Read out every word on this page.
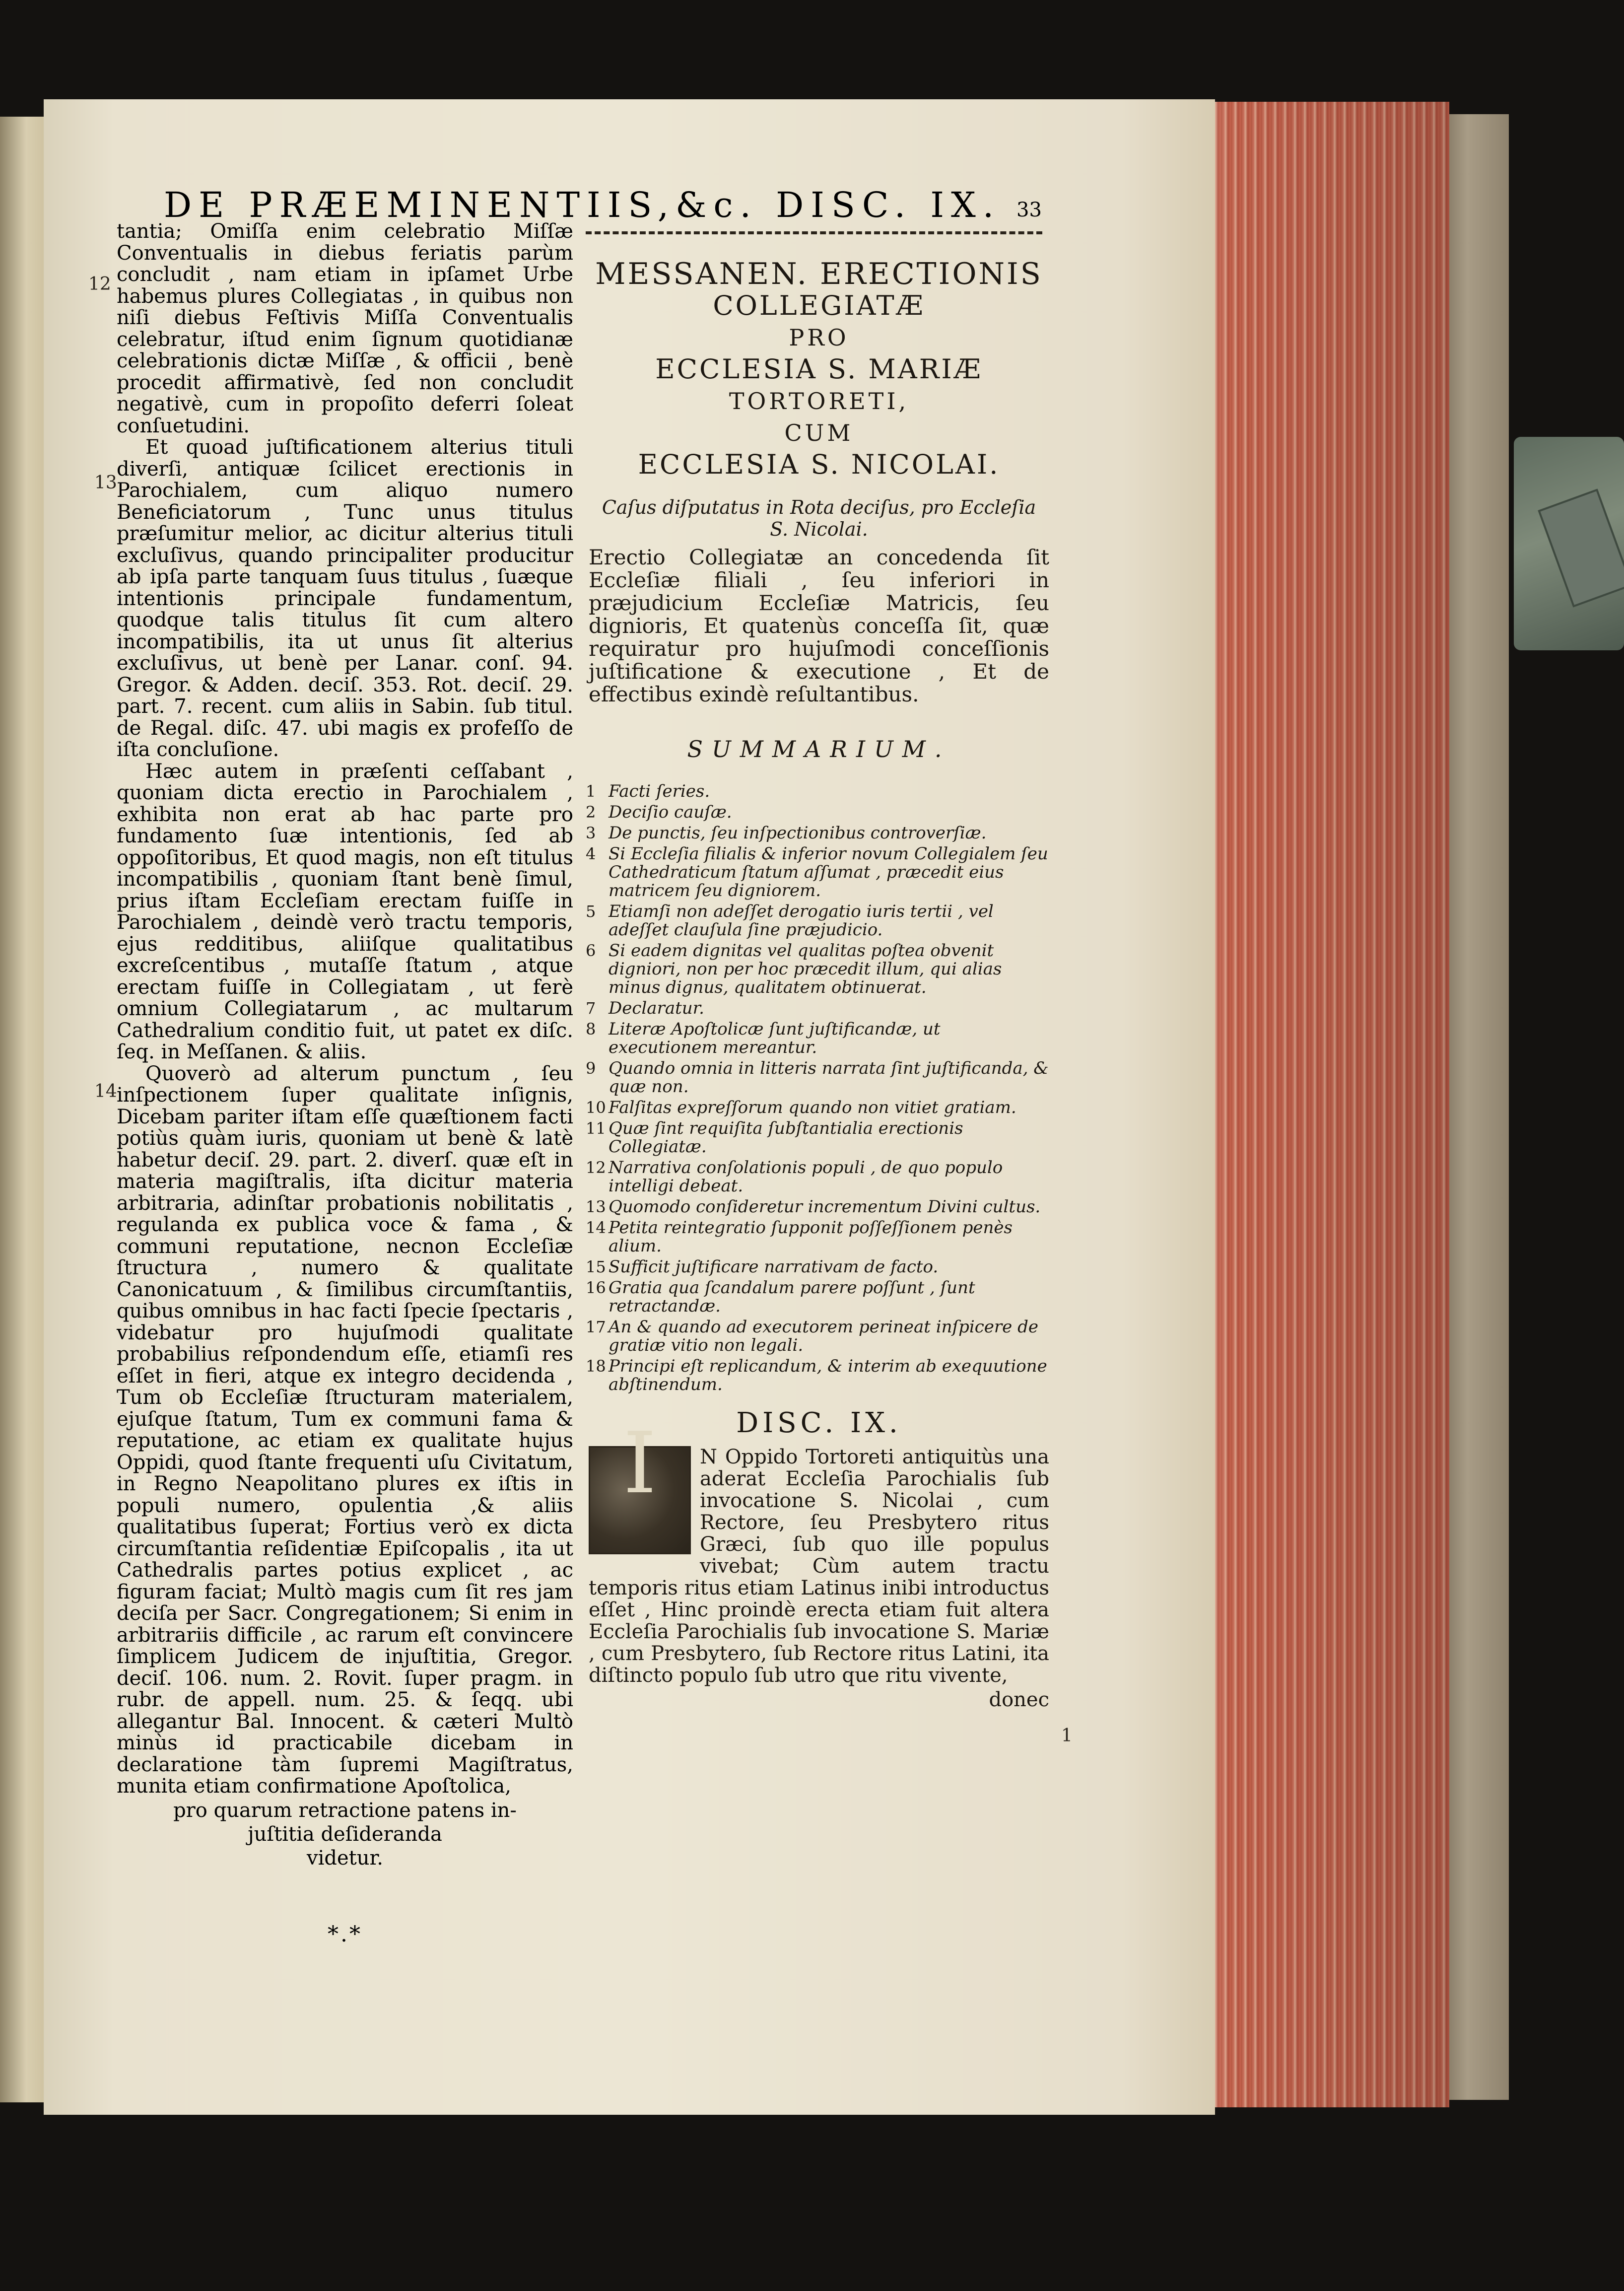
DE PRÆEMINENTIIS,&c. DISC. IX. 33
12
13
14

tantia; Omiſſa enim celebratio Miſſæ Conventualis in diebus feriatis parùm concludit , nam etiam in ipſamet Urbe habemus plures Collegiatas , in quibus non niſi diebus Feſtivis Miſſa Conventualis celebratur, iſtud enim ſignum quotidianæ celebrationis dictæ Miſſæ , & officii , benè procedit affirmativè, ſed non concludit negativè, cum in propoſito deferri ſoleat conſuetudini.

Et quoad juſtificationem alterius tituli diverſi, antiquæ ſcilicet erectionis in Parochialem, cum aliquo numero Beneficiatorum , Tunc unus titulus præſumitur melior, ac dicitur alterius tituli excluſivus, quando principaliter producitur ab ipſa parte tanquam ſuus titulus , ſuæque intentionis principale fundamentum, quodque talis titulus ſit cum altero incompatibilis, ita ut unus ſit alterius excluſivus, ut benè per Lanar. conſ. 94. Gregor. & Adden. deciſ. 353. Rot. deciſ. 29. part. 7. recent. cum aliis in Sabin. ſub titul. de Regal. diſc. 47. ubi magis ex profeſſo de iſta concluſione.

Hæc autem in præſenti ceſſabant , quoniam dicta erectio in Parochialem , exhibita non erat ab hac parte pro fundamento ſuæ intentionis, ſed ab oppoſitoribus, Et quod magis, non eſt titulus incompatibilis , quoniam ſtant benè ſimul, prius iſtam Eccleſiam erectam fuiſſe in Parochialem , deindè verò tractu temporis, ejus redditibus, aliiſque qualitatibus excreſcentibus , mutaſſe ſtatum , atque erectam fuiſſe in Collegiatam , ut ferè omnium Collegiatarum , ac multarum Cathedralium conditio fuit, ut patet ex diſc. ſeq. in Meſſanen. & aliis.

Quoverò ad alterum punctum , ſeu inſpectionem ſuper qualitate inſignis, Dicebam pariter iſtam eſſe quæſtionem facti potiùs quàm iuris, quoniam ut benè & latè habetur deciſ. 29. part. 2. diverſ. quæ eſt in materia magiſtralis, iſta dicitur materia arbitraria, adinſtar probationis nobilitatis , regulanda ex publica voce & fama , & communi reputatione, necnon Eccleſiæ ſtructura , numero & qualitate Canonicatuum , & ſimilibus circumſtantiis, quibus omnibus in hac facti ſpecie ſpectaris , videbatur pro hujuſmodi qualitate probabilius reſpondendum eſſe, etiamſi res eſſet in fieri, atque ex integro decidenda , Tum ob Eccleſiæ ſtructuram materialem, ejuſque ſtatum, Tum ex communi fama & reputatione, ac etiam ex qualitate hujus Oppidi, quod ſtante frequenti uſu Civitatum, in Regno Neapolitano plures ex iſtis in populi numero, opulentia ,& aliis qualitatibus ſuperat; Fortius verò ex dicta circumſtantia reſidentiæ Epiſcopalis , ita ut Cathedralis partes potius explicet , ac figuram faciat; Multò magis cum ſit res jam deciſa per Sacr. Congregationem; Si enim in arbitrariis difficile , ac rarum eſt convincere ſimplicem Judicem de injuſtitia, Gregor. deciſ. 106. num. 2. Rovit. ſuper pragm. in rubr. de appell. num. 25. & ſeqq. ubi allegantur Bal. Innocent. & cæteri Multò minùs id practicabile dicebam in declaratione tàm ſupremi Magiſtratus, munita etiam confirmatione Apoſtolica,

pro quarum retractione patens in-

juſtitia deſideranda

videtur.

*.*

MESSANEN. ERECTIONIS
COLLEGIATÆ
PRO
ECCLESIA S. MARIÆ
TORTORETI,
CUM
ECCLESIA S. NICOLAI.
Caſus diſputatus in Rota deciſus, pro Eccleſia S. Nicolai.
Erectio Collegiatæ an concedenda ſit Eccleſiæ filiali , ſeu inferiori in præjudicium Eccleſiæ Matricis, ſeu dignioris, Et quatenùs conceſſa ſit, quæ requiratur pro hujuſmodi conceſſionis juſtificatione & executione , Et de effectibus exindè reſultantibus.
SUMMARIUM.
1 Facti ſeries.
2 Deciſio cauſæ.
3 De punctis, ſeu inſpectionibus controverſiæ.
4 Si Eccleſia filialis & inferior novum Collegialem ſeu Cathedraticum ſtatum aſſumat , præcedit eius matricem ſeu digniorem.
5 Etiamſi non adeſſet derogatio iuris tertii , vel adeſſet clauſula ſine præjudicio.
6 Si eadem dignitas vel qualitas poſtea obvenit digniori, non per hoc præcedit illum, qui alias minus dignus, qualitatem obtinuerat.
7 Declaratur.
8 Literæ Apoſtolicæ ſunt juſtificandæ, ut executionem mereantur.
9 Quando omnia in litteris narrata ſint juſtificanda, & quæ non.
10 Falſitas expreſſorum quando non vitiet gratiam.
11 Quæ ſint requiſita ſubſtantialia erectionis Collegiatæ.
12 Narrativa conſolationis populi , de quo populo intelligi debeat.
13 Quomodo conſideretur incrementum Divini cultus.
14 Petita reintegratio ſupponit poſſeſſionem penès alium.
15 Sufficit juſtificare narrativam de facto.
16 Gratia qua ſcandalum parere poſſunt , ſunt retractandæ.
17 An & quando ad executorem perineat inſpicere de gratiæ vitio non legali.
18 Principi eſt replicandum, & interim ab exequutione abſtinendum.
DISC. IX.
I	N Oppido Tortoreti antiquitùs una aderat Eccleſia Parochialis ſub invocatione S. Nicolai , cum Rectore, ſeu Presbytero ritus Græci, ſub quo ille populus vivebat; Cùm autem tractu temporis ritus etiam Latinus inibi introductus eſſet , Hinc proindè erecta etiam fuit altera Eccleſia Parochialis ſub invocatione S. Mariæ , cum Presbytero, ſub Rectore ritus Latini, ita diſtincto populo ſub utro que ritu vivente,
donec
1
